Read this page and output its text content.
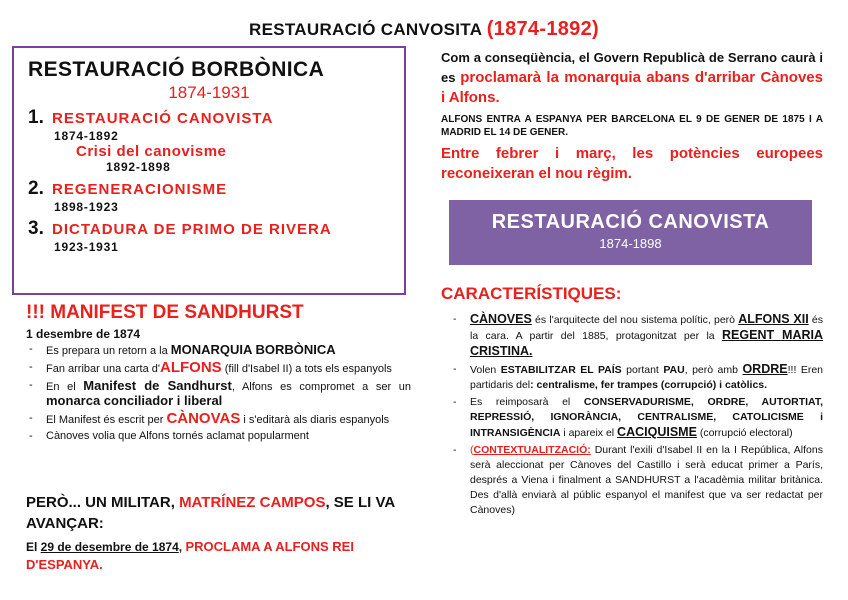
RESTAURACIÓ CANVOSITA (1874-1892)
RESTAURACIÓ BORBÒNICA
1874-1931
1. RESTAURACIÓ CANOVISTA
1874-1892
Crisi del canovisme
1892-1898
2. REGENERACIONISME
1898-1923
3. DICTADURA DE PRIMO DE RIVERA
1923-1931
!!! MANIFEST DE SANDHURST
1 desembre de 1874
- Es prepara un retorn a la MONARQUIA BORBÒNICA
- Fan arribar una carta d'ALFONS (fill d'Isabel II) a tots els espanyols
- En el Manifest de Sandhurst, Alfons es compromet a ser un monarca conciliador i liberal
- El Manifest és escrit per CÀNOVAS i s'editarà als diaris espanyols
- Cànoves volia que Alfons tornés aclamat popularment
PERÒ... UN MILITAR, MATRÍNEZ CAMPOS, SE LI VA AVANÇAR:
El 29 de desembre de 1874, PROCLAMA A ALFONS REI D'ESPANYA.
Com a conseqüència, el Govern Republicà de Serrano caurà i es proclamarà la monarquia abans d'arribar Cànoves i Alfons.
ALFONS ENTRA A ESPANYA PER BARCELONA EL 9 DE GENER DE 1875 I A MADRID EL 14 DE GENER.
Entre febrer i març, les potències europees reconeixeran el nou règim.
RESTAURACIÓ CANOVISTA
1874-1898
CARACTERÍSTIQUES:
- CÀNOVES és l'arquitecte del nou sistema polític, però ALFONS XII és la cara. A partir del 1885, protagonitzat per la REGENT MARIA CRISTINA.
- Volen ESTABILITZAR EL PAÍS portant PAU, però amb ORDRE!!! Eren partidaris del: centralisme, fer trampes (corrupció) i catòlics.
- Es reimposarà el CONSERVADURISME, ORDRE, AUTORTIAT, REPRESSIÓ, IGNORÀNCIA, CENTRALISME, CATOLICISME i INTRANSIGÈNCIA i apareix el CACIQUISME (corrupció electoral)
- (CONTEXTUALITZACIÓ: Durant l'exili d'Isabel II en la I República, Alfons serà aleccionat per Cànoves del Castillo i serà educat primer a París, després a Viena i finalment a SANDHURST a l'acadèmia militar britànica. Des d'allà enviarà al públic espanyol el manifest que va ser redactat per Cànoves)
